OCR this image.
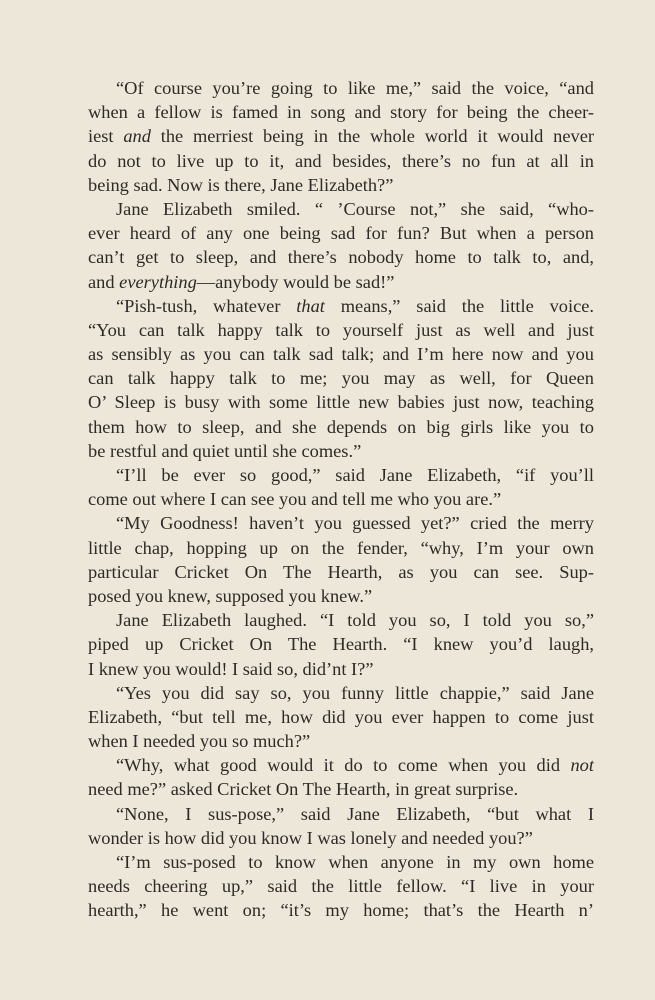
“Of course you’re going to like me,” said the voice, “and
when a fellow is famed in song and story for being the cheer-
iest and the merriest being in the whole world it would never
do not to live up to it, and besides, there’s no fun at all in
being sad. Now is there, Jane Elizabeth?”
Jane Elizabeth smiled. “ ’Course not,” she said, “who-
ever heard of any one being sad for fun? But when a person
can’t get to sleep, and there’s nobody home to talk to, and,
and everything—anybody would be sad!”
“Pish-tush, whatever that means,” said the little voice.
“You can talk happy talk to yourself just as well and just
as sensibly as you can talk sad talk; and I’m here now and you
can talk happy talk to me; you may as well, for Queen
O’ Sleep is busy with some little new babies just now, teaching
them how to sleep, and she depends on big girls like you to
be restful and quiet until she comes.”
“I’ll be ever so good,” said Jane Elizabeth, “if you’ll
come out where I can see you and tell me who you are.”
“My Goodness! haven’t you guessed yet?” cried the merry
little chap, hopping up on the fender, “why, I’m your own
particular Cricket On The Hearth, as you can see. Sup-
posed you knew, supposed you knew.”
Jane Elizabeth laughed. “I told you so, I told you so,”
piped up Cricket On The Hearth. “I knew you’d laugh,
I knew you would! I said so, did’nt I?”
“Yes you did say so, you funny little chappie,” said Jane
Elizabeth, “but tell me, how did you ever happen to come just
when I needed you so much?”
“Why, what good would it do to come when you did not
need me?” asked Cricket On The Hearth, in great surprise.
“None, I sus-pose,” said Jane Elizabeth, “but what I
wonder is how did you know I was lonely and needed you?”
“I’m sus-posed to know when anyone in my own home
needs cheering up,” said the little fellow. “I live in your
hearth,” he went on; “it’s my home; that’s the Hearth n’
